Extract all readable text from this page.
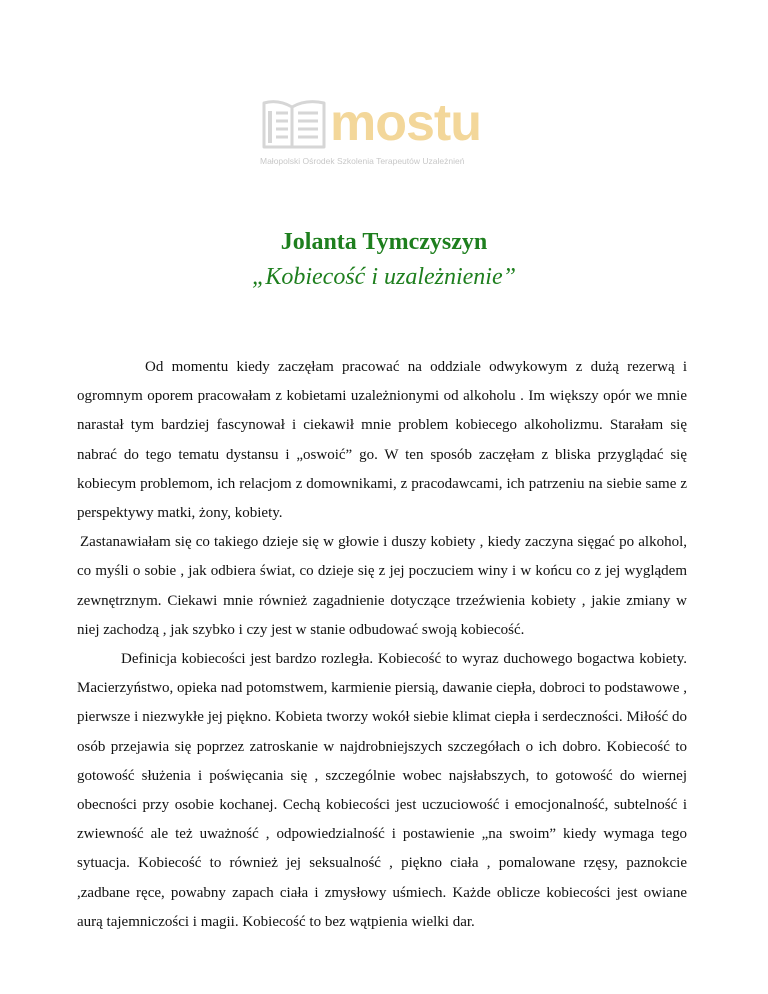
mostu
Małopolski Ośrodek Szkolenia Terapeutów Uzależnień
Jolanta Tymczyszyn
„Kobiecość i uzależnienie”

Od momentu kiedy zaczęłam pracować na oddziale odwykowym z dużą rezerwą i ogromnym oporem pracowałam z kobietami uzależnionymi od alkoholu . Im większy opór we mnie narastał tym bardziej fascynował i ciekawił mnie problem kobiecego alkoholizmu. Starałam się nabrać do tego tematu dystansu i „oswoić” go. W ten sposób zaczęłam z bliska przyglądać się kobiecym problemom, ich relacjom z domownikami, z pracodawcami, ich patrzeniu na siebie same z perspektywy matki, żony, kobiety.

Zastanawiałam się co takiego dzieje się w głowie i duszy kobiety , kiedy zaczyna sięgać po alkohol, co myśli o sobie , jak odbiera świat, co dzieje się z jej poczuciem winy i w końcu co z jej wyglądem zewnętrznym. Ciekawi mnie również zagadnienie dotyczące trzeźwienia kobiety , jakie zmiany w niej zachodzą , jak szybko i czy jest w stanie odbudować swoją kobiecość.

Definicja kobiecości jest bardzo rozległa. Kobiecość to wyraz duchowego bogactwa kobiety. Macierzyństwo, opieka nad potomstwem, karmienie piersią, dawanie ciepła, dobroci to podstawowe , pierwsze i niezwykłe jej piękno. Kobieta tworzy wokół siebie klimat ciepła i serdeczności. Miłość do osób przejawia się poprzez zatroskanie w najdrobniejszych szczegółach o ich dobro. Kobiecość to gotowość służenia i poświęcania się , szczególnie wobec najsłabszych, to gotowość do wiernej obecności przy osobie kochanej. Cechą kobiecości jest uczuciowość i emocjonalność, subtelność i zwiewność ale też uważność , odpowiedzialność i postawienie „na swoim” kiedy wymaga tego sytuacja. Kobiecość to również jej seksualność , piękno ciała , pomalowane rzęsy, paznokcie ,zadbane ręce, powabny zapach ciała i zmysłowy uśmiech. Każde oblicze kobiecości jest owiane aurą tajemniczości i magii. Kobiecość to bez wątpienia wielki dar.
